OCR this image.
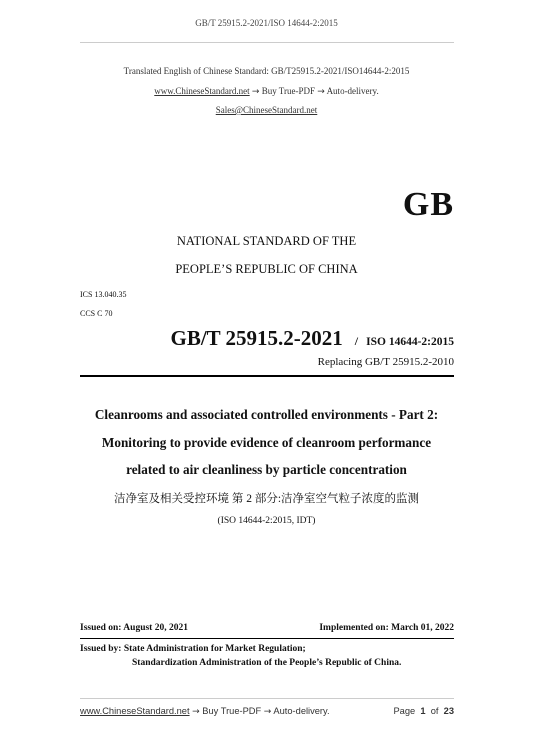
GB/T 25915.2-2021/ISO 14644-2:2015
Translated English of Chinese Standard: GB/T25915.2-2021/ISO14644-2:2015
www.ChineseStandard.net → Buy True-PDF → Auto-delivery.
Sales@ChineseStandard.net
GB
NATIONAL STANDARD OF THE
PEOPLE’S REPUBLIC OF CHINA
ICS 13.040.35
CCS C 70
GB/T 25915.2-2021 / ISO 14644-2:2015
Replacing GB/T 25915.2-2010
Cleanrooms and associated controlled environments - Part 2:
Monitoring to provide evidence of cleanroom performance
related to air cleanliness by particle concentration
洁净室及相关受控环境 第 2 部分:洁净室空气粒子浓度的监测
(ISO 14644-2:2015, IDT)
Issued on: August 20, 2021	Implemented on: March 01, 2022
Issued by: State Administration for Market Regulation;
Standardization Administration of the People’s Republic of China.
www.ChineseStandard.net → Buy True-PDF → Auto-delivery.	Page 1 of 23
